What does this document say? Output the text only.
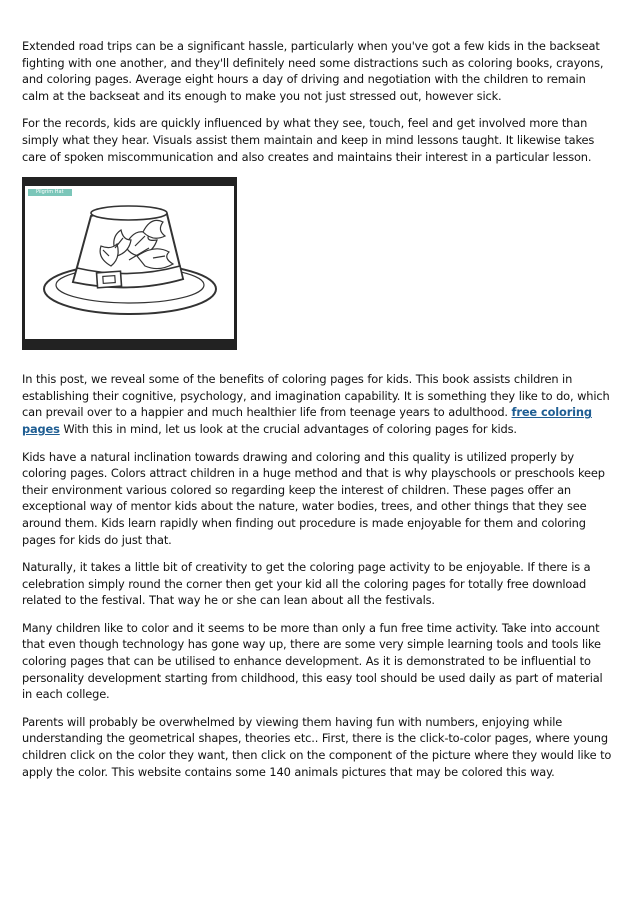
Extended road trips can be a significant hassle, particularly when you've got a few kids in the backseat fighting with one another, and they'll definitely need some distractions such as coloring books, crayons, and coloring pages. Average eight hours a day of driving and negotiation with the children to remain calm at the backseat and its enough to make you not just stressed out, however sick.

For the records, kids are quickly influenced by what they see, touch, feel and get involved more than simply what they hear. Visuals assist them maintain and keep in mind lessons taught. It likewise takes care of spoken miscommunication and also creates and maintains their interest in a particular lesson.

Pilgrim Hat

In this post, we reveal some of the benefits of coloring pages for kids. This book assists children in establishing their cognitive, psychology, and imagination capability. It is something they like to do, which can prevail over to a happier and much healthier life from teenage years to adulthood. free coloring pages With this in mind, let us look at the crucial advantages of coloring pages for kids.

Kids have a natural inclination towards drawing and coloring and this quality is utilized properly by coloring pages. Colors attract children in a huge method and that is why playschools or preschools keep their environment various colored so regarding keep the interest of children. These pages offer an exceptional way of mentor kids about the nature, water bodies, trees, and other things that they see around them. Kids learn rapidly when finding out procedure is made enjoyable for them and coloring pages for kids do just that.

Naturally, it takes a little bit of creativity to get the coloring page activity to be enjoyable. If there is a celebration simply round the corner then get your kid all the coloring pages for totally free download related to the festival. That way he or she can lean about all the festivals.

Many children like to color and it seems to be more than only a fun free time activity. Take into account that even though technology has gone way up, there are some very simple learning tools and tools like coloring pages that can be utilised to enhance development. As it is demonstrated to be influential to personality development starting from childhood, this easy tool should be used daily as part of material in each college.

Parents will probably be overwhelmed by viewing them having fun with numbers, enjoying while understanding the geometrical shapes, theories etc.. First, there is the click-to-color pages, where young children click on the color they want, then click on the component of the picture where they would like to apply the color. This website contains some 140 animals pictures that may be colored this way.
